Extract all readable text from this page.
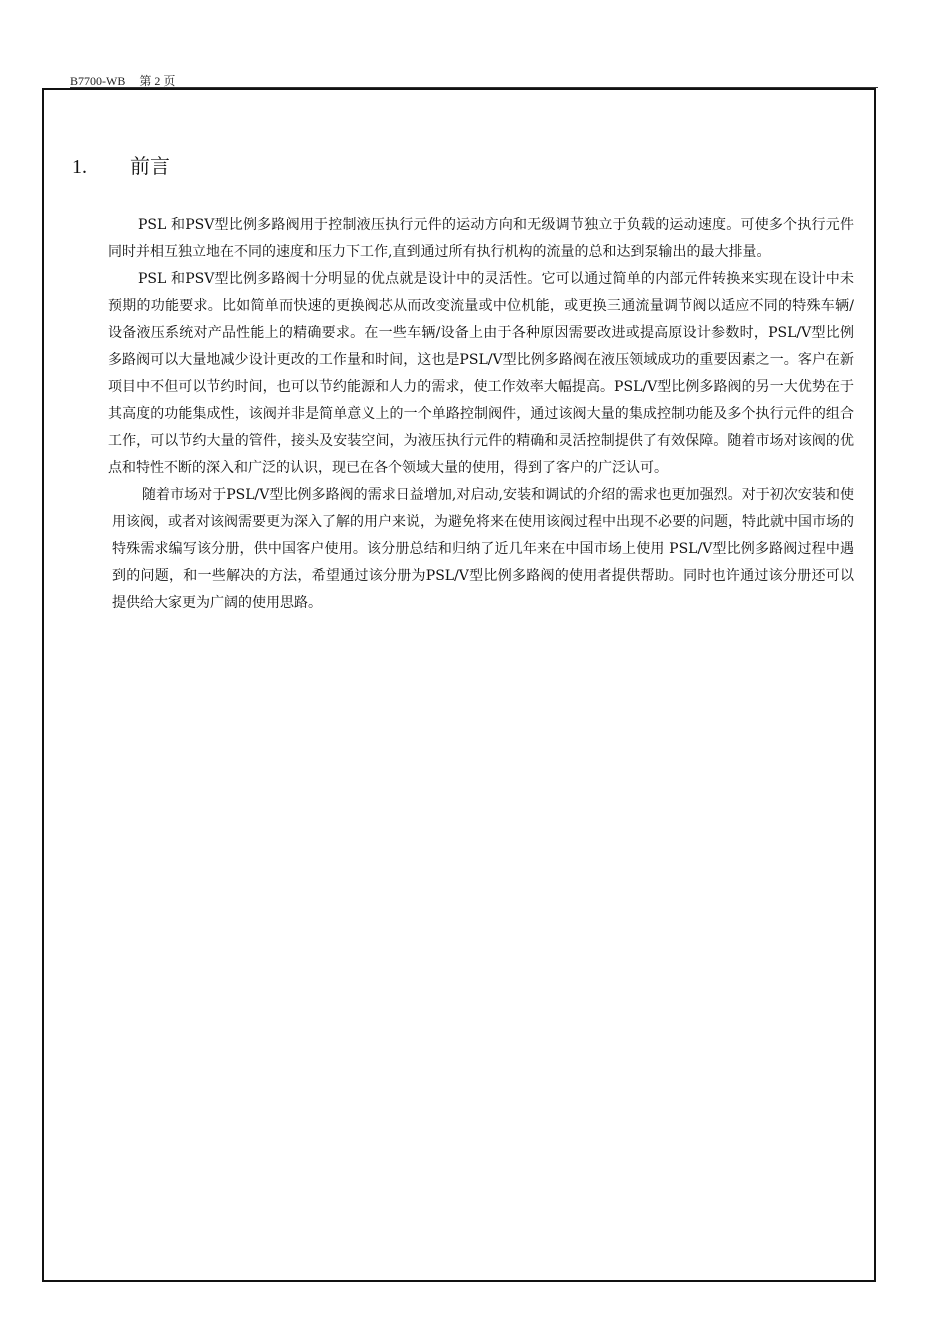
B7700-WB 第 2 页
1. 前言

PSL 和PSV型比例多路阀用于控制液压执行元件的运动方向和无级调节独立于负载的运动速度。可使多个执行元件同时并相互独立地在不同的速度和压力下工作,直到通过所有执行机构的流量的总和达到泵输出的最大排量。

PSL 和PSV型比例多路阀十分明显的优点就是设计中的灵活性。它可以通过简单的内部元件转换来实现在设计中未预期的功能要求。比如简单而快速的更换阀芯从而改变流量或中位机能，或更换三通流量调节阀以适应不同的特殊车辆/设备液压系统对产品性能上的精确要求。在一些车辆/设备上由于各种原因需要改进或提高原设计参数时，PSL/V型比例多路阀可以大量地减少设计更改的工作量和时间，这也是PSL/V型比例多路阀在液压领域成功的重要因素之一。客户在新项目中不但可以节约时间，也可以节约能源和人力的需求，使工作效率大幅提高。PSL/V型比例多路阀的另一大优势在于其高度的功能集成性，该阀并非是简单意义上的一个单路控制阀件，通过该阀大量的集成控制功能及多个执行元件的组合工作，可以节约大量的管件，接头及安装空间，为液压执行元件的精确和灵活控制提供了有效保障。随着市场对该阀的优点和特性不断的深入和广泛的认识，现已在各个领域大量的使用，得到了客户的广泛认可。

随着市场对于PSL/V型比例多路阀的需求日益增加,对启动,安装和调试的介绍的需求也更加强烈。对于初次安装和使用该阀，或者对该阀需要更为深入了解的用户来说，为避免将来在使用该阀过程中出现不必要的问题，特此就中国市场的特殊需求编写该分册，供中国客户使用。该分册总结和归纳了近几年来在中国市场上使用 PSL/V型比例多路阀过程中遇到的问题，和一些解决的方法，希望通过该分册为PSL/V型比例多路阀的使用者提供帮助。同时也许通过该分册还可以提供给大家更为广阔的使用思路。
